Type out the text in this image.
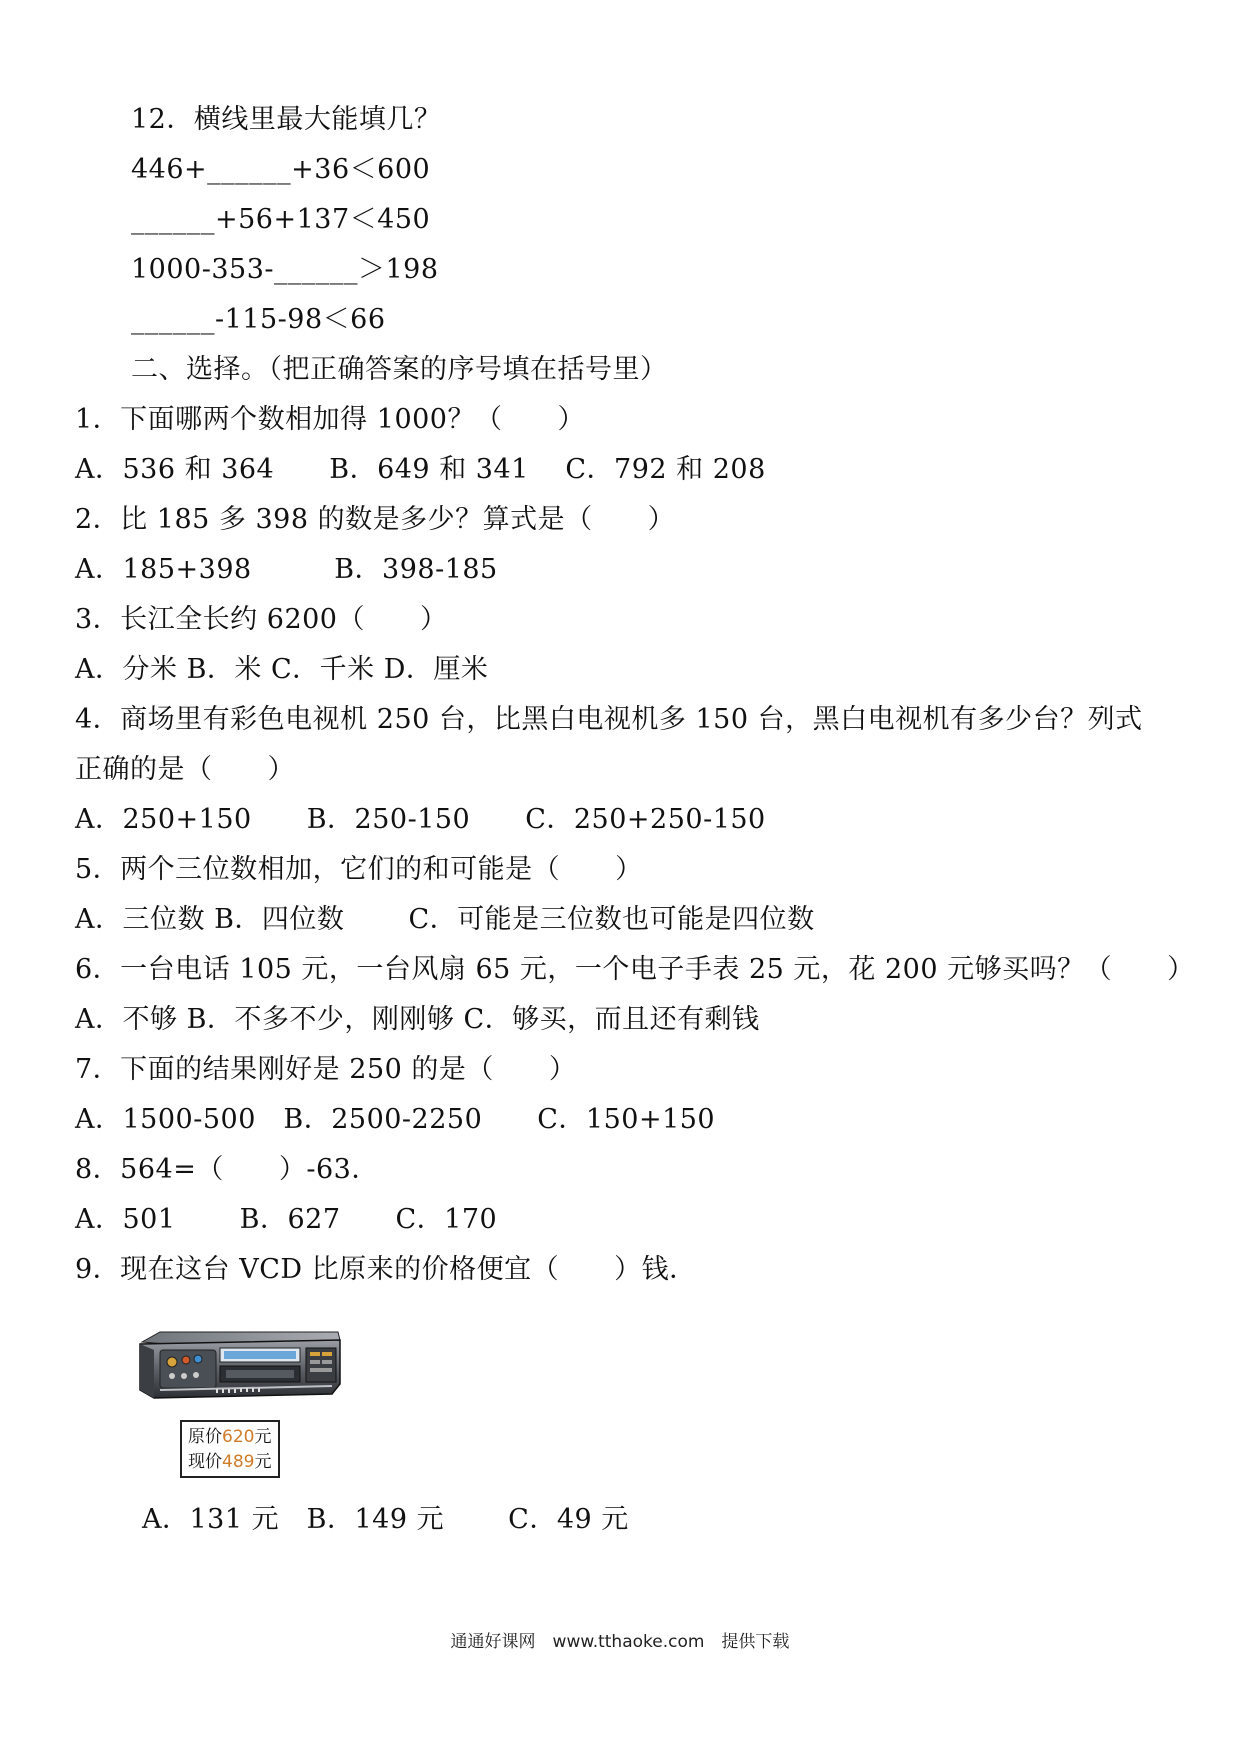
12．横线里最大能填几？
446+______+36＜600
______+56+137＜450
1000-353-______＞198
______-115-98＜66
二、选择。（把正确答案的序号填在括号里）
1．下面哪两个数相加得 1000？（　　）
A．536 和 364　　B．649 和 341　 C．792 和 208
2．比 185 多 398 的数是多少？算式是（　　）
A．185+398　　　B．398-185
3．长江全长约 6200（　　）
A．分米 B．米 C．千米 D．厘米
4．商场里有彩色电视机 250 台，比黑白电视机多 150 台，黑白电视机有多少台？列式
正确的是（　　）
A．250+150　　B．250-150　　C．250+250-150
5．两个三位数相加，它们的和可能是（　　）
A．三位数 B．四位数　　 C．可能是三位数也可能是四位数
6．一台电话 105 元，一台风扇 65 元，一个电子手表 25 元，花 200 元够买吗？（　　）
A．不够 B．不多不少，刚刚够 C．够买，而且还有剩钱
7．下面的结果刚好是 250 的是（　　）
A．1500-500　B．2500-2250　　C．150+150
8．564=（　　）-63．
A．501　　 B．627　　C．170
9．现在这台 VCD 比原来的价格便宜（　　）钱．
原价620元
现价489元
A．131 元　B．149 元　　 C．49 元
通通好课网　www.tthaoke.com　提供下载
